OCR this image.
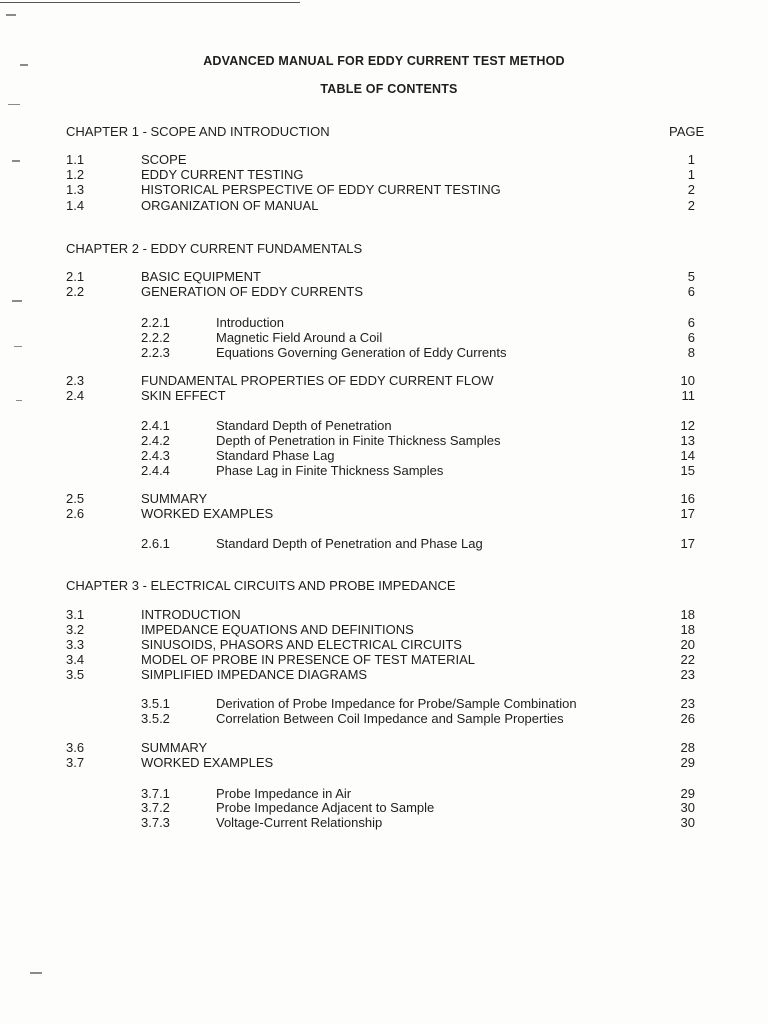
ADVANCED MANUAL FOR EDDY CURRENT TEST METHOD
TABLE OF CONTENTS
PAGE
CHAPTER 1 - SCOPE AND INTRODUCTION
1.1	SCOPE	1
1.2	EDDY CURRENT TESTING	1
1.3	HISTORICAL PERSPECTIVE OF EDDY CURRENT TESTING	2
1.4	ORGANIZATION OF MANUAL	2
CHAPTER 2 - EDDY CURRENT FUNDAMENTALS
2.1	BASIC EQUIPMENT	5
2.2	GENERATION OF EDDY CURRENTS	6
2.2.1	Introduction	6
2.2.2	Magnetic Field Around a Coil	6
2.2.3	Equations Governing Generation of Eddy Currents	8
2.3	FUNDAMENTAL PROPERTIES OF EDDY CURRENT FLOW	10
2.4	SKIN EFFECT	11
2.4.1	Standard Depth of Penetration	12
2.4.2	Depth of Penetration in Finite Thickness Samples	13
2.4.3	Standard Phase Lag	14
2.4.4	Phase Lag in Finite Thickness Samples	15
2.5	SUMMARY	16
2.6	WORKED EXAMPLES	17
2.6.1	Standard Depth of Penetration and Phase Lag	17
CHAPTER 3 - ELECTRICAL CIRCUITS AND PROBE IMPEDANCE
3.1	INTRODUCTION	18
3.2	IMPEDANCE EQUATIONS AND DEFINITIONS	18
3.3	SINUSOIDS, PHASORS AND ELECTRICAL CIRCUITS	20
3.4	MODEL OF PROBE IN PRESENCE OF TEST MATERIAL	22
3.5	SIMPLIFIED IMPEDANCE DIAGRAMS	23
3.5.1	Derivation of Probe Impedance for Probe/Sample Combination	23
3.5.2	Correlation Between Coil Impedance and Sample Properties	26
3.6	SUMMARY	28
3.7	WORKED EXAMPLES	29
3.7.1	Probe Impedance in Air	29
3.7.2	Probe Impedance Adjacent to Sample	30
3.7.3	Voltage-Current Relationship	30
